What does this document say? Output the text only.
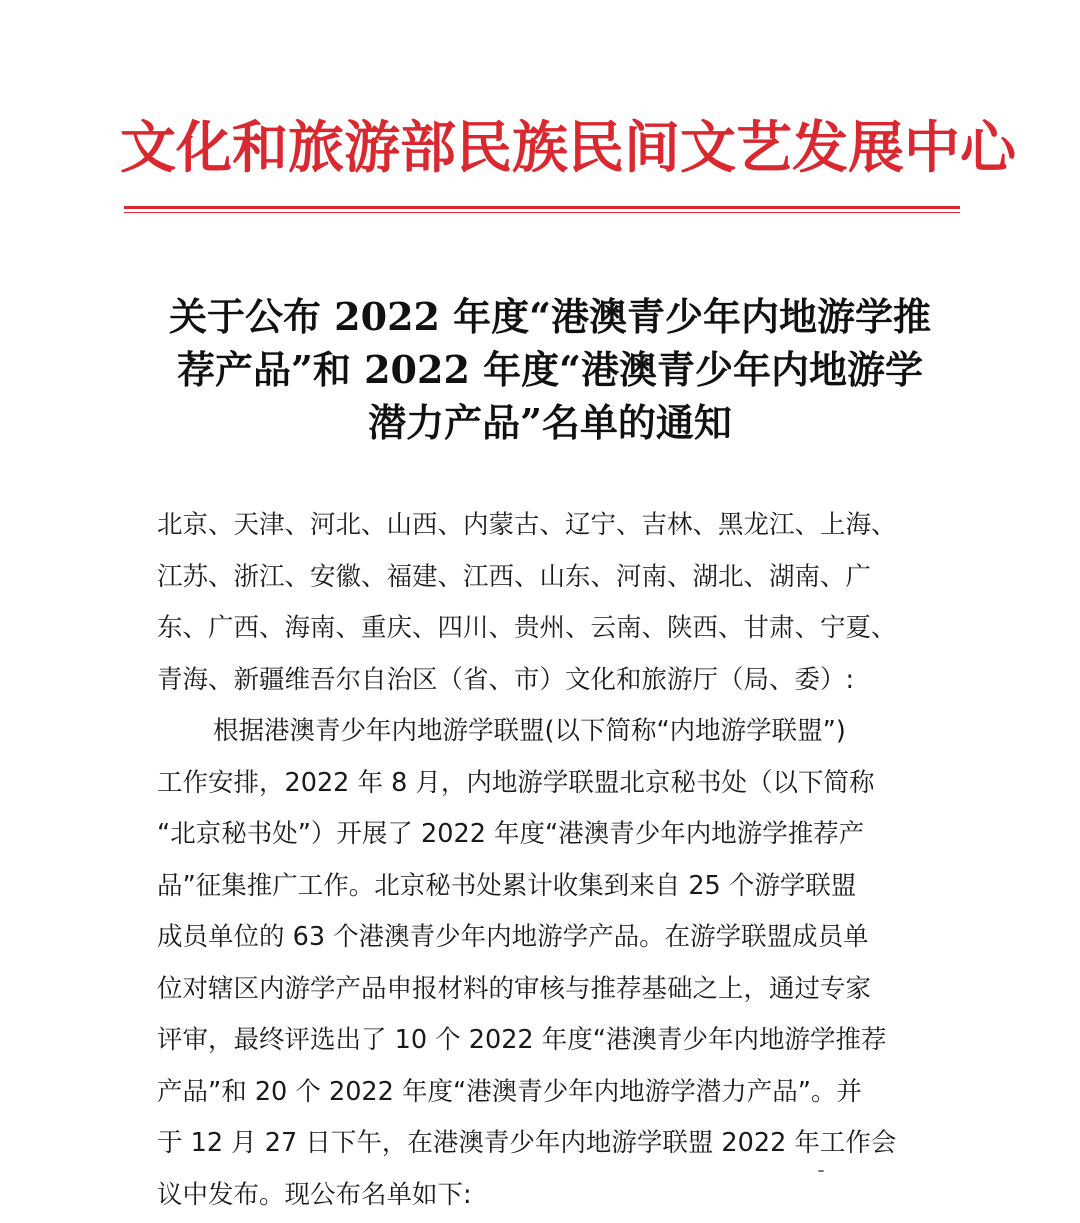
文化和旅游部民族民间文艺发展中心
关于公布 2022 年度“港澳青少年内地游学推
荐产品”和 2022 年度“港澳青少年内地游学
潜力产品”名单的通知
北京、天津、河北、山西、内蒙古、辽宁、吉林、黑龙江、上海、
江苏、浙江、安徽、福建、江西、山东、河南、湖北、湖南、广
东、广西、海南、重庆、四川、贵州、云南、陕西、甘肃、宁夏、
青海、新疆维吾尔自治区（省、市）文化和旅游厅（局、委）:
根据港澳青少年内地游学联盟(以下简称“内地游学联盟”)
工作安排，2022 年 8 月，内地游学联盟北京秘书处（以下简称
“北京秘书处”）开展了 2022 年度“港澳青少年内地游学推荐产
品”征集推广工作。北京秘书处累计收集到来自 25 个游学联盟
成员单位的 63 个港澳青少年内地游学产品。在游学联盟成员单
位对辖区内游学产品申报材料的审核与推荐基础之上，通过专家
评审，最终评选出了 10 个 2022 年度“港澳青少年内地游学推荐
产品”和 20 个 2022 年度“港澳青少年内地游学潜力产品”。并
于 12 月 27 日下午，在港澳青少年内地游学联盟 2022 年工作会
议中发布。现公布名单如下:
